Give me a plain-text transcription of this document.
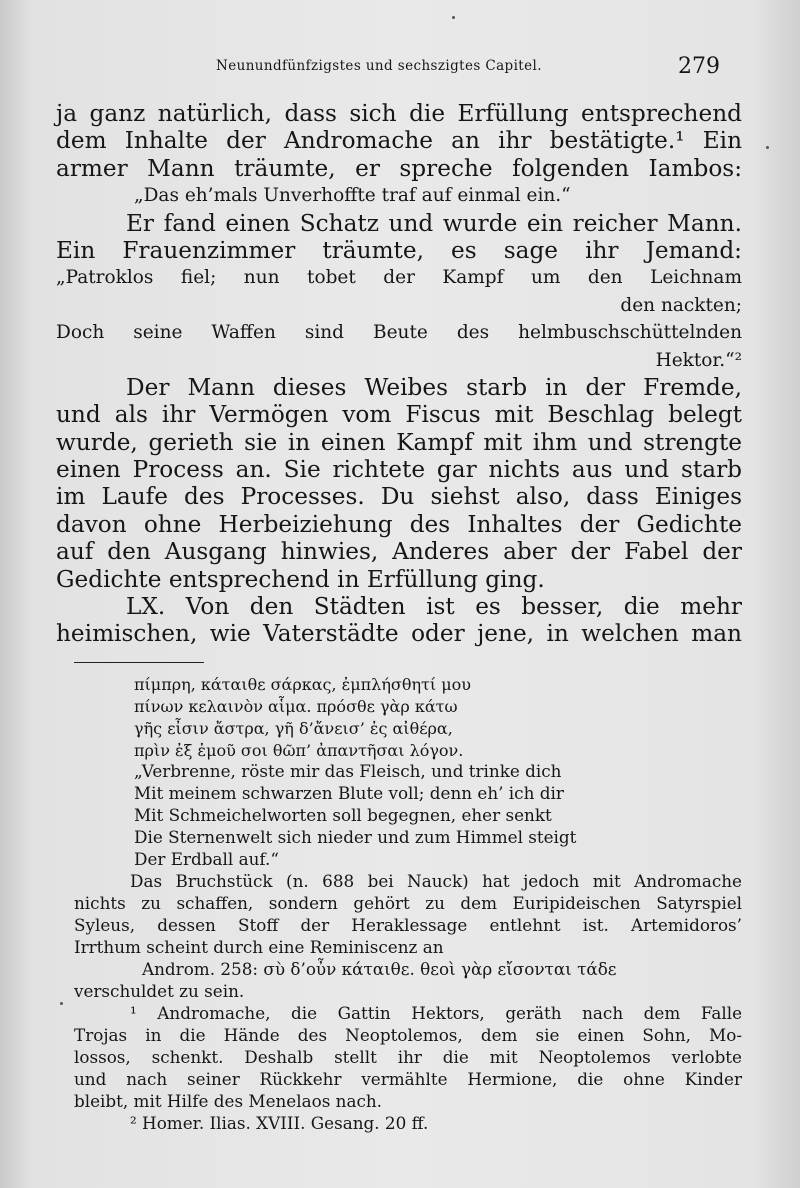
Neunundfünfzigstes und sechszigtes Capitel.	279
ja ganz natürlich, dass sich die Erfüllung entsprechend
dem Inhalte der Andromache an ihr bestätigte.¹ Ein
armer Mann träumte, er spreche folgenden Iambos:
„Das eh’mals Unverhoffte traf auf einmal ein.“
Er fand einen Schatz und wurde ein reicher Mann.
Ein Frauenzimmer träumte, es sage ihr Jemand:
„Patroklos fiel; nun tobet der Kampf um den Leichnam
den nackten;
Doch seine Waffen sind Beute des helmbuschschüttelnden
Hektor.“²
Der Mann dieses Weibes starb in der Fremde,
und als ihr Vermögen vom Fiscus mit Beschlag belegt
wurde, gerieth sie in einen Kampf mit ihm und strengte
einen Process an. Sie richtete gar nichts aus und starb
im Laufe des Processes. Du siehst also, dass Einiges
davon ohne Herbeiziehung des Inhaltes der Gedichte
auf den Ausgang hinwies, Anderes aber der Fabel der
Gedichte entsprechend in Erfüllung ging.
LX. Von den Städten ist es besser, die mehr
heimischen, wie Vaterstädte oder jene, in welchen man
πίμπρη, κάταιθε σάρκας, ἐμπλήσθητί μου
πίνων κελαινὸν αἷμα. πρόσθε γὰρ κάτω
γῆς εἶσιν ἄστρα, γῆ δ’ἄνεισ’ ἐς αἰθέρα,
πρὶν ἐξ ἐμοῦ σοι θῶπ’ ἀπαντῆσαι λόγον.
„Verbrenne, röste mir das Fleisch, und trinke dich
Mit meinem schwarzen Blute voll; denn eh’ ich dir
Mit Schmeichelworten soll begegnen, eher senkt
Die Sternenwelt sich nieder und zum Himmel steigt
Der Erdball auf.“
Das Bruchstück (n. 688 bei Nauck) hat jedoch mit Andromache
nichts zu schaffen, sondern gehört zu dem Euripideischen Satyrspiel
Syleus, dessen Stoff der Heraklessage entlehnt ist. Artemidoros’
Irrthum scheint durch eine Reminiscenz an
Androm. 258: σὺ δ’οὖν κάταιθε. θεοὶ γὰρ εἴσονται τάδε
verschuldet zu sein.
¹ Andromache, die Gattin Hektors, geräth nach dem Falle
Trojas in die Hände des Neoptolemos, dem sie einen Sohn, Mo-
lossos, schenkt. Deshalb stellt ihr die mit Neoptolemos verlobte
und nach seiner Rückkehr vermählte Hermione, die ohne Kinder
bleibt, mit Hilfe des Menelaos nach.
² Homer. Ilias. XVIII. Gesang. 20 ff.
